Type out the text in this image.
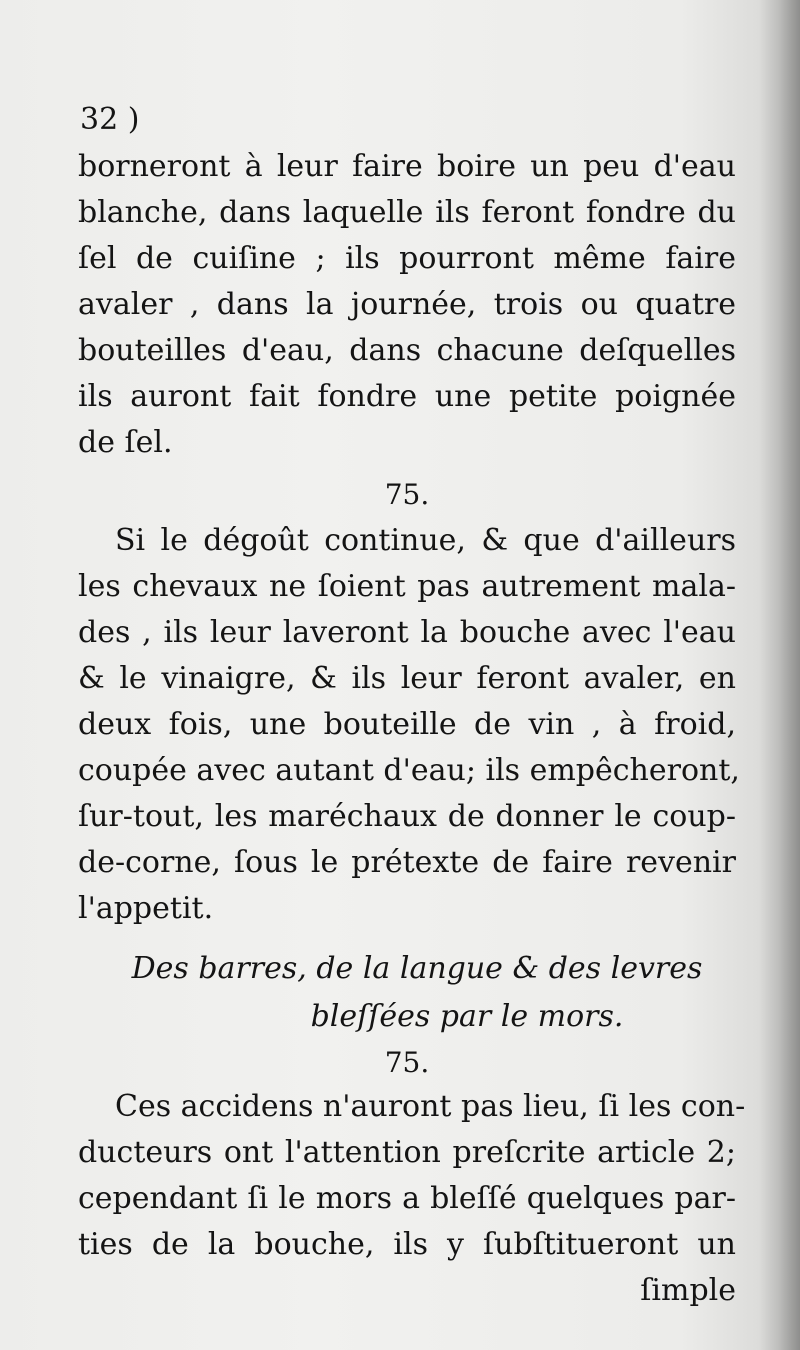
32 )

borneront à leur faire boire un peu d'eau

blanche, dans laquelle ils feront fondre du

ſel de cuiſine ; ils pourront même faire

avaler , dans la journée, trois ou quatre

bouteilles d'eau, dans chacune deſquelles

ils auront fait fondre une petite poignée

de ſel.

75.

Si le dégoût continue, & que d'ailleurs

les chevaux ne ſoient pas autrement mala-

des , ils leur laveront la bouche avec l'eau

& le vinaigre, & ils leur feront avaler, en

deux fois, une bouteille de vin , à froid,

coupée avec autant d'eau; ils empêcheront,

ſur-tout, les maréchaux de donner le coup-

de-corne, ſous le prétexte de faire revenir

l'appetit.

Des barres, de la langue & des levres

bleſſées par le mors.

75.

Ces accidens n'auront pas lieu, ſi les con-

ducteurs ont l'attention preſcrite article 2;

cependant ſi le mors a bleſſé quelques par-

ties de la bouche, ils y ſubſtitueront un

ſimple
